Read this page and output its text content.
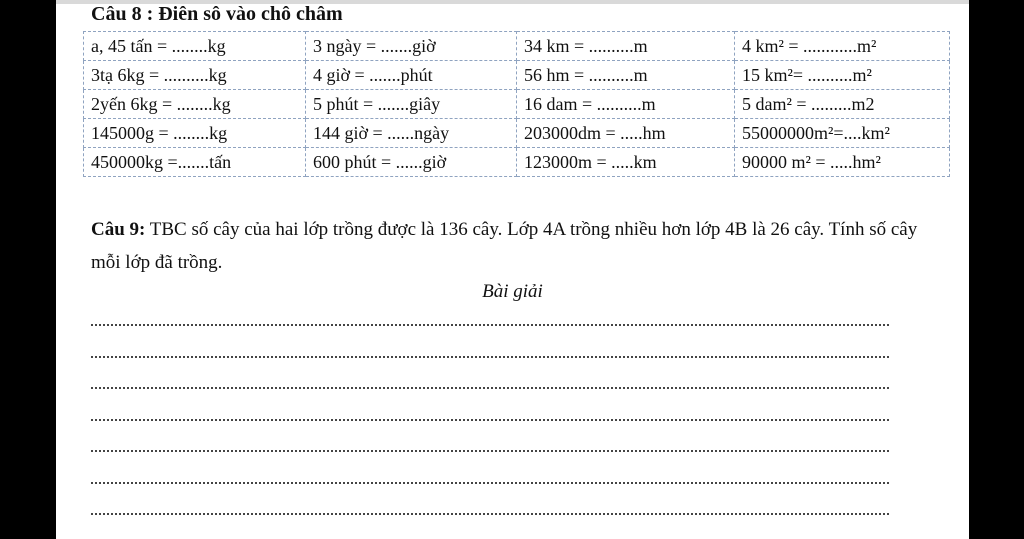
Câu 8 : Điên sô vào chô châm
a, 45 tấn = ........kg	3 ngày = .......giờ	34 km = ..........m	4 km² = ............m²
3tạ 6kg = ..........kg	4 giờ = .......phút	56 hm = ..........m	15 km²= ..........m²
2yến 6kg = ........kg	5 phút = .......giây	16 dam = ..........m	5 dam² = .........m2
145000g = ........kg	144 giờ = ......ngày	203000dm = .....hm	55000000m²=....km²
450000kg =.......tấn	600 phút = ......giờ	123000m = .....km	90000 m² = .....hm²
Câu 9: TBC số cây của hai lớp trồng được là 136 cây. Lớp 4A trồng nhiều hơn lớp 4B là 26 cây. Tính số cây mỗi lớp đã trồng.
Bài giải
